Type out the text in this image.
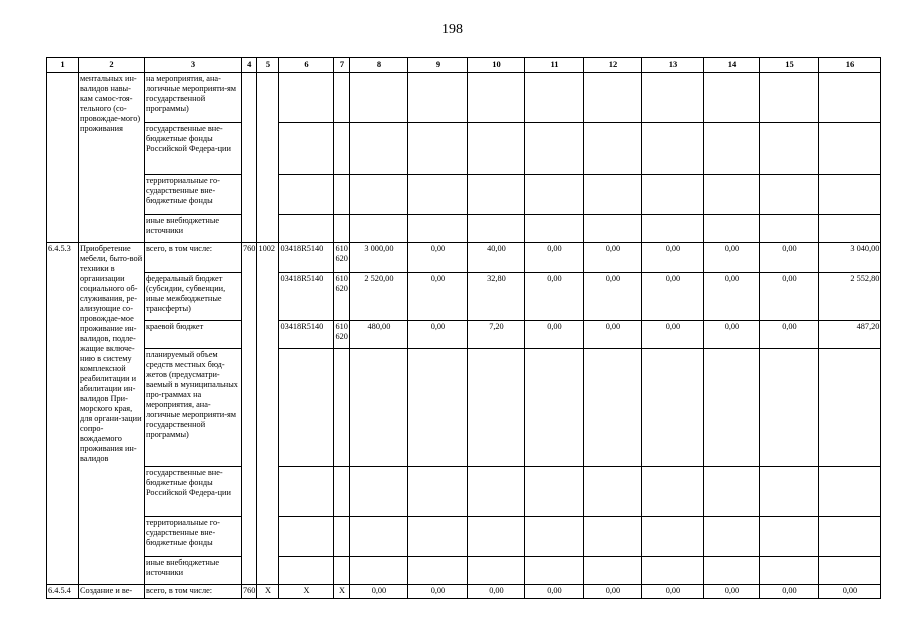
198
1	2	3	4	5	6	7	8	9	10	11	12	13	14	15	16
	ментальных ин-валидов навы-кам самос-тоя-тельного (со-провождае-мого) проживания	на мероприятия, ана-логичные мероприяти-ям государственной программы)													
		государственные вне-бюджетные фонды Российской Федера-ции													
		территориальные го-сударственные вне-бюджетные фонды													
		иные внебюджетные источники													
6.4.5.3	Приобретение мебели, быто-вой техники в организации социального об-служивания, ре-ализующие со-провождае-мое проживание ин-валидов, подле-жащие включе-нию в систему комплексной реабилитации и абилитации ин-валидов При-морского края, для органи-зации сопро-вождаемого проживания ин-валидов	всего, в том числе:	760	1002	03418R5140	610 620	3 000,00	0,00	40,00	0,00	0,00	0,00	0,00	0,00	3 040,00
		федеральный бюджет (субсидии, субвенции, иные межбюджетные трансферты)			03418R5140	610 620	2 520,00	0,00	32,80	0,00	0,00	0,00	0,00	0,00	2 552,80
		краевой бюджет			03418R5140	610 620	480,00	0,00	7,20	0,00	0,00	0,00	0,00	0,00	487,20
		планируемый объем средств местных бюд-жетов (предусматри-ваемый в муниципальных про-граммах на мероприятия, ана-логичные мероприяти-ям государственной программы)													
		государственные вне-бюджетные фонды Российской Федера-ции													
		территориальные го-сударственные вне-бюджетные фонды													
		иные внебюджетные источники													
6.4.5.4	Создание и ве-	всего, в том числе:	760	X	X	X	0,00	0,00	0,00	0,00	0,00	0,00	0,00	0,00	0,00
